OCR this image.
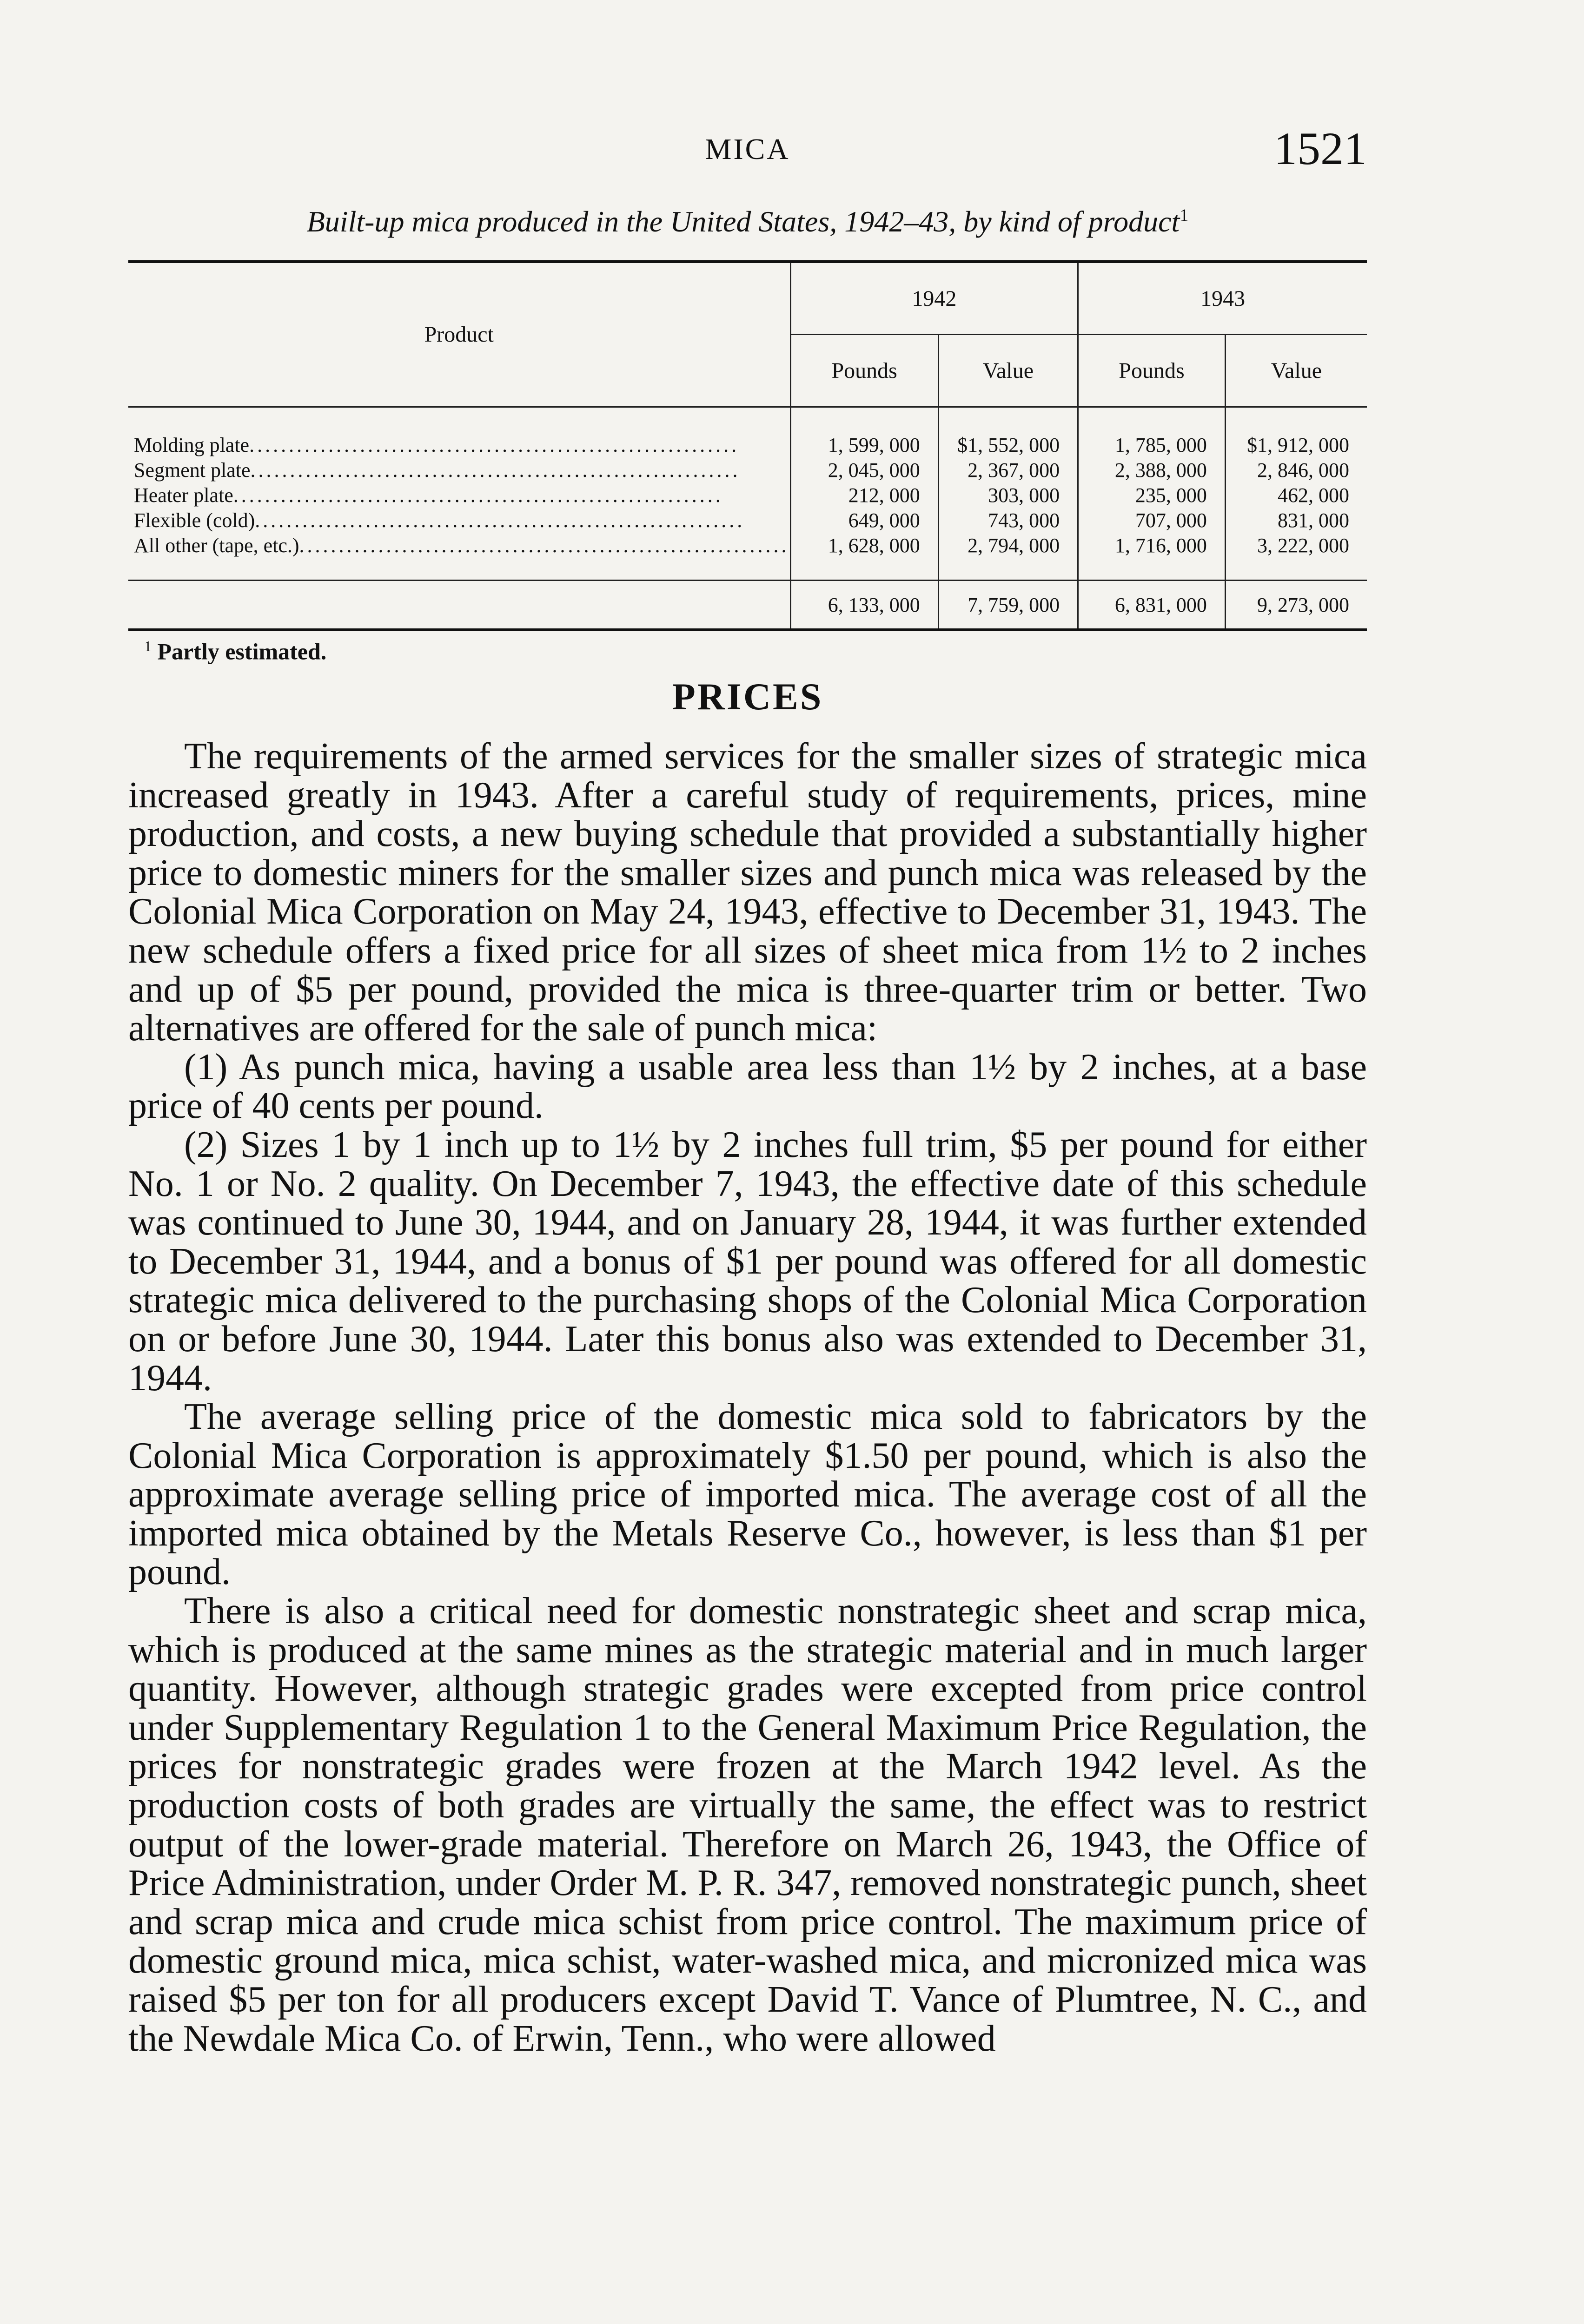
MICA	1521
Built-up mica produced in the United States, 1942–43, by kind of product$^1$
Product	1942		1943	
	Pounds	Value	Pounds	Value
Molding plate..............................................................	1, 599, 000	$1, 552, 000	1, 785, 000	$1, 912, 000
Segment plate..............................................................	2, 045, 000	2, 367, 000	2, 388, 000	2, 846, 000
Heater plate..............................................................	212, 000	303, 000	235, 000	462, 000
Flexible (cold)..............................................................	649, 000	743, 000	707, 000	831, 000
All other (tape, etc.)..............................................................	1, 628, 000	2, 794, 000	1, 716, 000	3, 222, 000
	6, 133, 000	7, 759, 000	6, 831, 000	9, 273, 000
$^1$ Partly estimated.
PRICES

The requirements of the armed services for the smaller sizes of strategic mica increased greatly in 1943. After a careful study of requirements, prices, mine production, and costs, a new buying schedule that provided a substantially higher price to domestic miners for the smaller sizes and punch mica was released by the Colonial Mica Corporation on May 24, 1943, effective to December 31, 1943. The new schedule offers a fixed price for all sizes of sheet mica from 1½ to 2 inches and up of $5 per pound, provided the mica is three-quarter trim or better. Two alternatives are offered for the sale of punch mica:

(1) As punch mica, having a usable area less than 1½ by 2 inches, at a base price of 40 cents per pound.

(2) Sizes 1 by 1 inch up to 1½ by 2 inches full trim, $5 per pound for either No. 1 or No. 2 quality. On December 7, 1943, the effective date of this schedule was continued to June 30, 1944, and on January 28, 1944, it was further extended to December 31, 1944, and a bonus of $1 per pound was offered for all domestic strategic mica delivered to the purchasing shops of the Colonial Mica Corporation on or before June 30, 1944. Later this bonus also was extended to December 31, 1944.

The average selling price of the domestic mica sold to fabricators by the Colonial Mica Corporation is approximately $1.50 per pound, which is also the approximate average selling price of imported mica. The average cost of all the imported mica obtained by the Metals Reserve Co., however, is less than $1 per pound.

There is also a critical need for domestic nonstrategic sheet and scrap mica, which is produced at the same mines as the strategic material and in much larger quantity. However, although strategic grades were excepted from price control under Supplementary Regulation 1 to the General Maximum Price Regulation, the prices for nonstrategic grades were frozen at the March 1942 level. As the production costs of both grades are virtually the same, the effect was to restrict output of the lower-grade material. Therefore on March 26, 1943, the Office of Price Administration, under Order M. P. R. 347, removed nonstrategic punch, sheet and scrap mica and crude mica schist from price control. The maximum price of domestic ground mica, mica schist, water-washed mica, and micronized mica was raised $5 per ton for all producers except David T. Vance of Plumtree, N. C., and the Newdale Mica Co. of Erwin, Tenn., who were allowed
